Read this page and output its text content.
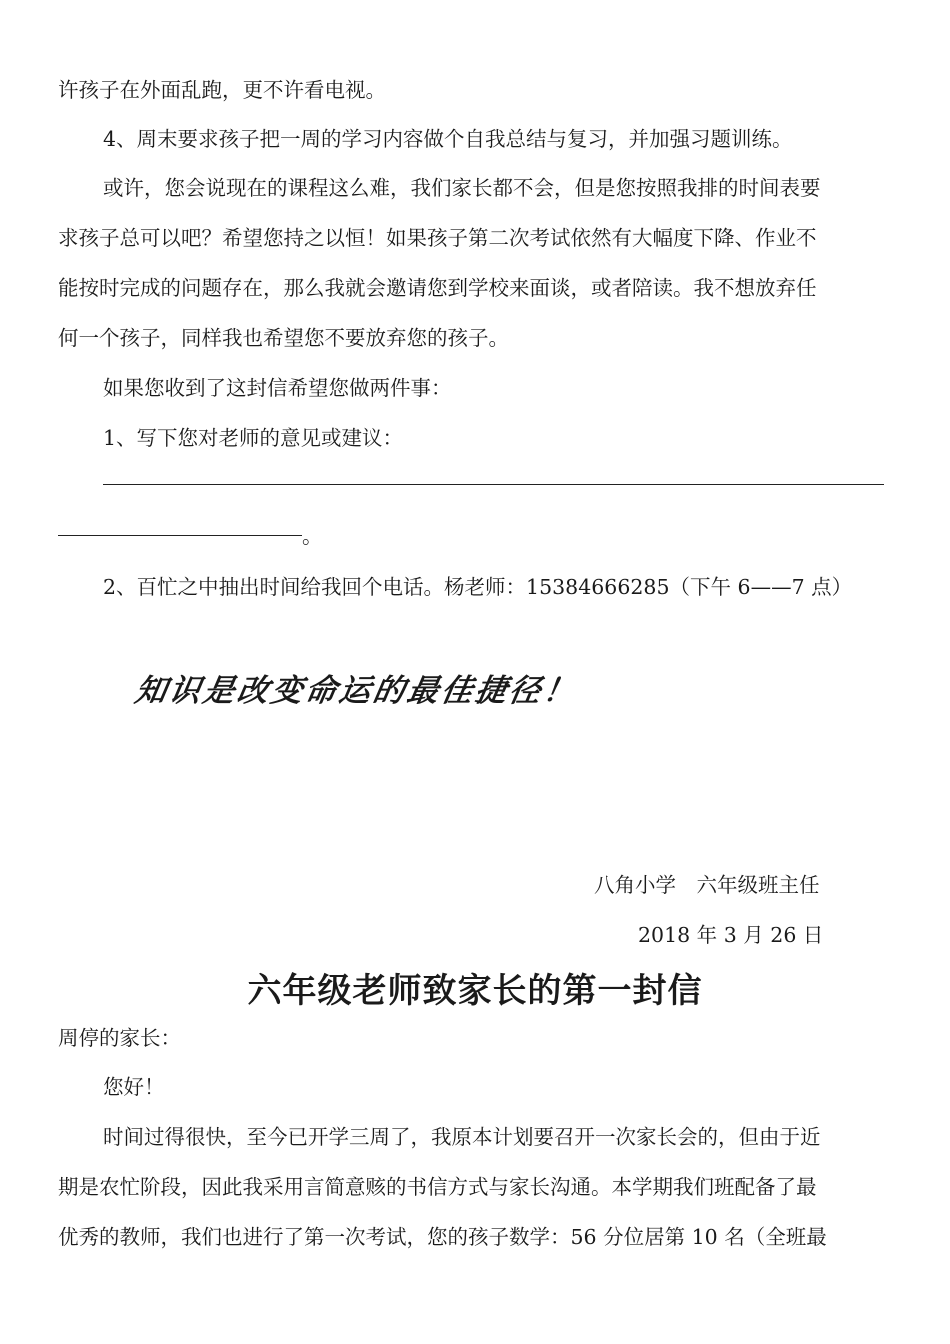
许孩子在外面乱跑，更不许看电视。
4、周末要求孩子把一周的学习内容做个自我总结与复习，并加强习题训练。
或许，您会说现在的课程这么难，我们家长都不会，但是您按照我排的时间表要
求孩子总可以吧？希望您持之以恒！如果孩子第二次考试依然有大幅度下降、作业不
能按时完成的问题存在，那么我就会邀请您到学校来面谈，或者陪读。我不想放弃任
何一个孩子，同样我也希望您不要放弃您的孩子。
如果您收到了这封信希望您做两件事：
1、写下您对老师的意见或建议：
。
2、百忙之中抽出时间给我回个电话。杨老师：15384666285（下午 6——7 点）
知识是改变命运的最佳捷径！
八角小学　六年级班主任
2018 年 3 月 26 日
六年级老师致家长的第一封信
周停的家长：
您好！
时间过得很快，至今已开学三周了，我原本计划要召开一次家长会的，但由于近
期是农忙阶段，因此我采用言简意赅的书信方式与家长沟通。本学期我们班配备了最
优秀的教师，我们也进行了第一次考试，您的孩子数学：56 分位居第 10 名（全班最
